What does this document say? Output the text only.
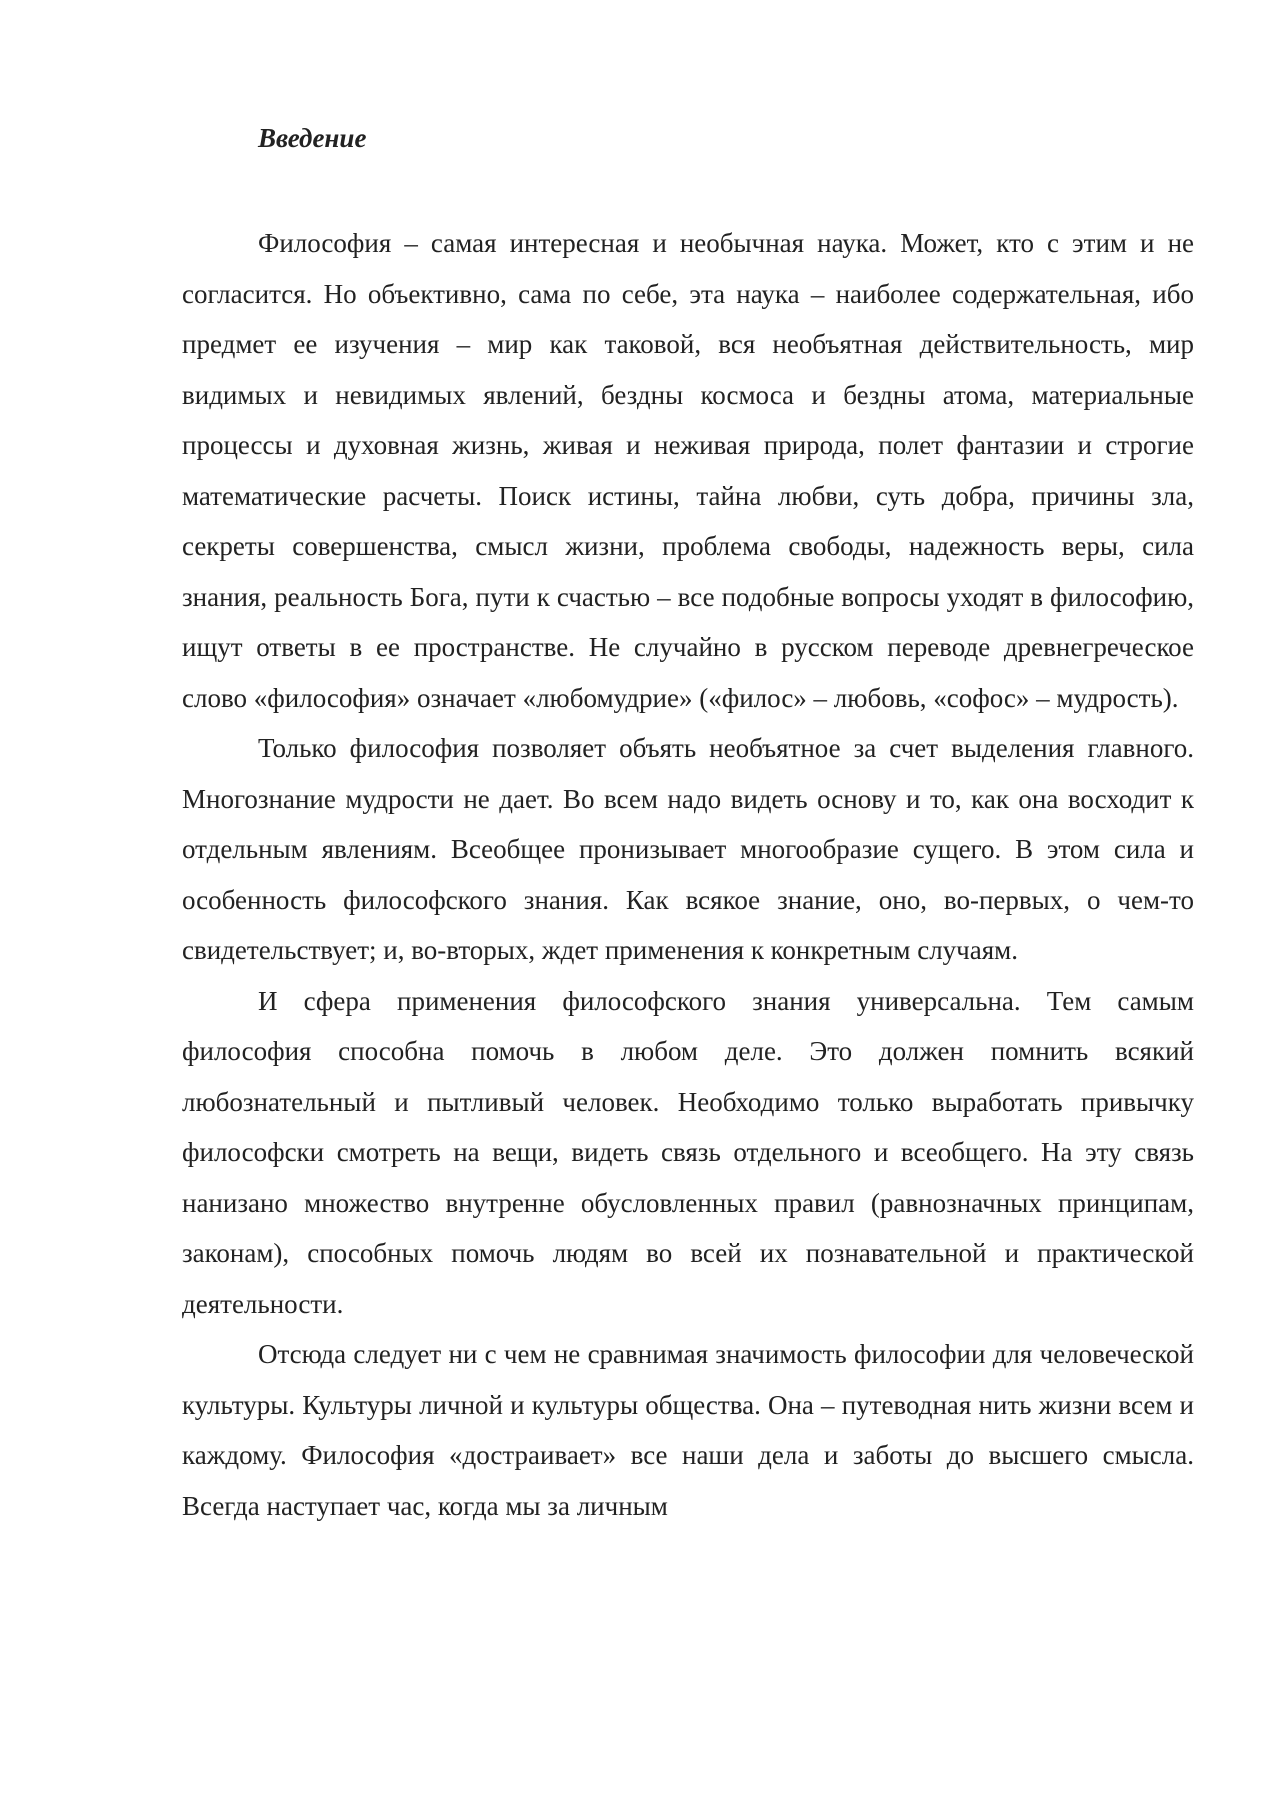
Введение

Философия – самая интересная и необычная наука. Может, кто с этим и не согласится. Но объективно, сама по себе, эта наука – наиболее содержательная, ибо предмет ее изучения – мир как таковой, вся необъятная действительность, мир видимых и невидимых явлений, бездны космоса и бездны атома, материальные процессы и духовная жизнь, живая и неживая природа, полет фантазии и строгие математические расчеты. Поиск истины, тайна любви, суть добра, причины зла, секреты совершенства, смысл жизни, проблема свободы, надежность веры, сила знания, реальность Бога, пути к счастью – все подобные вопросы уходят в философию, ищут ответы в ее пространстве. Не случайно в русском переводе древнегреческое слово «философия» означает «любомудрие» («филос» – любовь, «софос» – мудрость).

Только философия позволяет объять необъятное за счет выделения главного. Многознание мудрости не дает. Во всем надо видеть основу и то, как она восходит к отдельным явлениям. Всеобщее пронизывает многообразие сущего. В этом сила и особенность философского знания. Как всякое знание, оно, во-первых, о чем-то свидетельствует; и, во-вторых, ждет применения к конкретным случаям.

И сфера применения философского знания универсальна. Тем самым философия способна помочь в любом деле. Это должен помнить всякий любознательный и пытливый человек. Необходимо только выработать привычку философски смотреть на вещи, видеть связь отдельного и всеобщего. На эту связь нанизано множество внутренне обусловленных правил (равнозначных принципам, законам), способных помочь людям во всей их познавательной и практической деятельности.

Отсюда следует ни с чем не сравнимая значимость философии для человеческой культуры. Культуры личной и культуры общества. Она – путеводная нить жизни всем и каждому. Философия «достраивает» все наши дела и заботы до высшего смысла. Всегда наступает час, когда мы за личным
